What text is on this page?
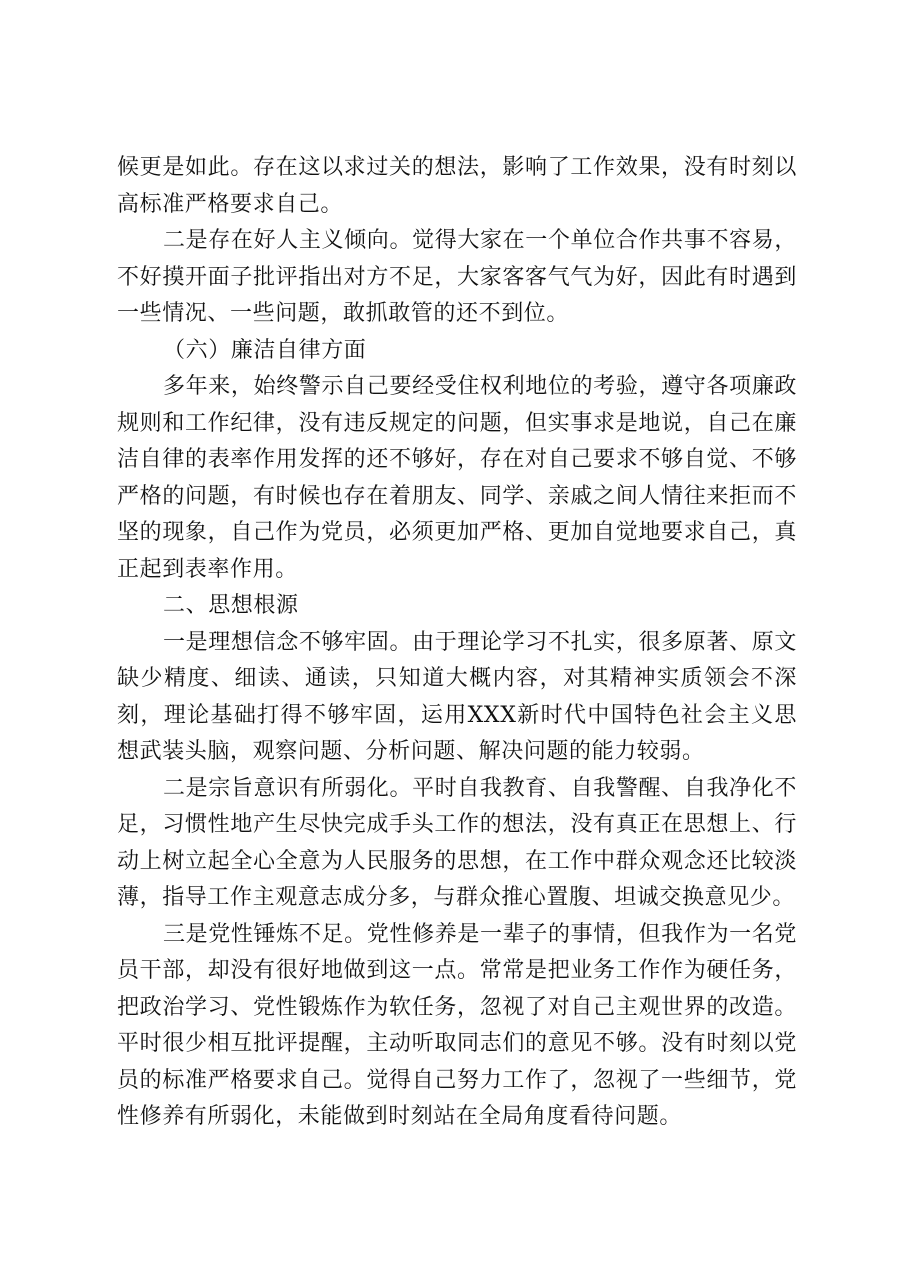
候更是如此。存在这以求过关的想法，影响了工作效果，没有时刻以高标准严格要求自己。

二是存在好人主义倾向。觉得大家在一个单位合作共事不容易，不好摸开面子批评指出对方不足，大家客客气气为好，因此有时遇到一些情况、一些问题，敢抓敢管的还不到位。

（六）廉洁自律方面

多年来，始终警示自己要经受住权利地位的考验，遵守各项廉政规则和工作纪律，没有违反规定的问题，但实事求是地说，自己在廉洁自律的表率作用发挥的还不够好，存在对自己要求不够自觉、不够严格的问题，有时候也存在着朋友、同学、亲戚之间人情往来拒而不坚的现象，自己作为党员，必须更加严格、更加自觉地要求自己，真正起到表率作用。

二、思想根源

一是理想信念不够牢固。由于理论学习不扎实，很多原著、原文缺少精度、细读、通读，只知道大概内容，对其精神实质领会不深刻，理论基础打得不够牢固，运用XXX新时代中国特色社会主义思想武装头脑，观察问题、分析问题、解决问题的能力较弱。

二是宗旨意识有所弱化。平时自我教育、自我警醒、自我净化不足，习惯性地产生尽快完成手头工作的想法，没有真正在思想上、行动上树立起全心全意为人民服务的思想，在工作中群众观念还比较淡薄，指导工作主观意志成分多，与群众推心置腹、坦诚交换意见少。

三是党性锤炼不足。党性修养是一辈子的事情，但我作为一名党员干部，却没有很好地做到这一点。常常是把业务工作作为硬任务，把政治学习、党性锻炼作为软任务，忽视了对自己主观世界的改造。平时很少相互批评提醒，主动听取同志们的意见不够。没有时刻以党员的标准严格要求自己。觉得自己努力工作了，忽视了一些细节，党性修养有所弱化，未能做到时刻站在全局角度看待问题。
